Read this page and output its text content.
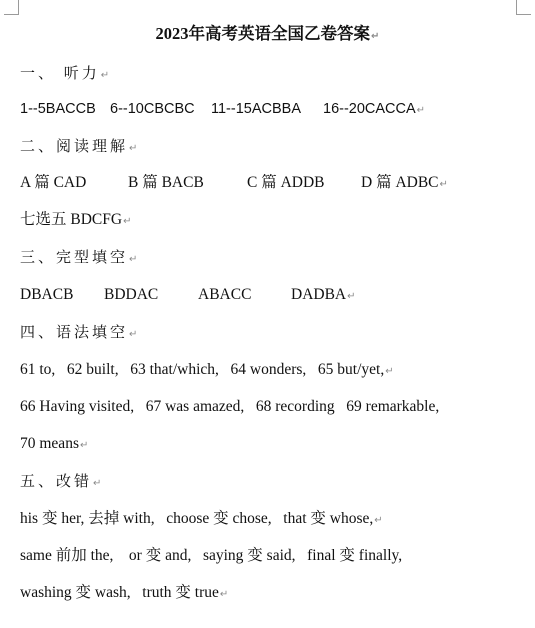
2023年高考英语全国乙卷答案↵
一、 听力↵
1--5BACCB 6--10CBCBC 11--15ACBBA 16--20CACCA↵
二、阅读理解↵
A 篇 CAD	B 篇 BACB	C 篇 ADDB D 篇 ADBC↵
七选五 BDCFG↵
三、完型填空↵
DBACB BDDAC	ABACC	DADBA↵
四、语法填空↵
61 to,   62 built,   63 that/which,   64 wonders,   65 but/yet,↵
66 Having visited,   67 was amazed,   68 recording   69 remarkable,
70 means↵
五、改错↵
his 变 her, 去掉 with,   choose 变 chose,   that 变 whose,↵
same 前加 the,    or 变 and,   saying 变 said,   final 变 finally,
washing 变 wash,   truth 变 true↵
